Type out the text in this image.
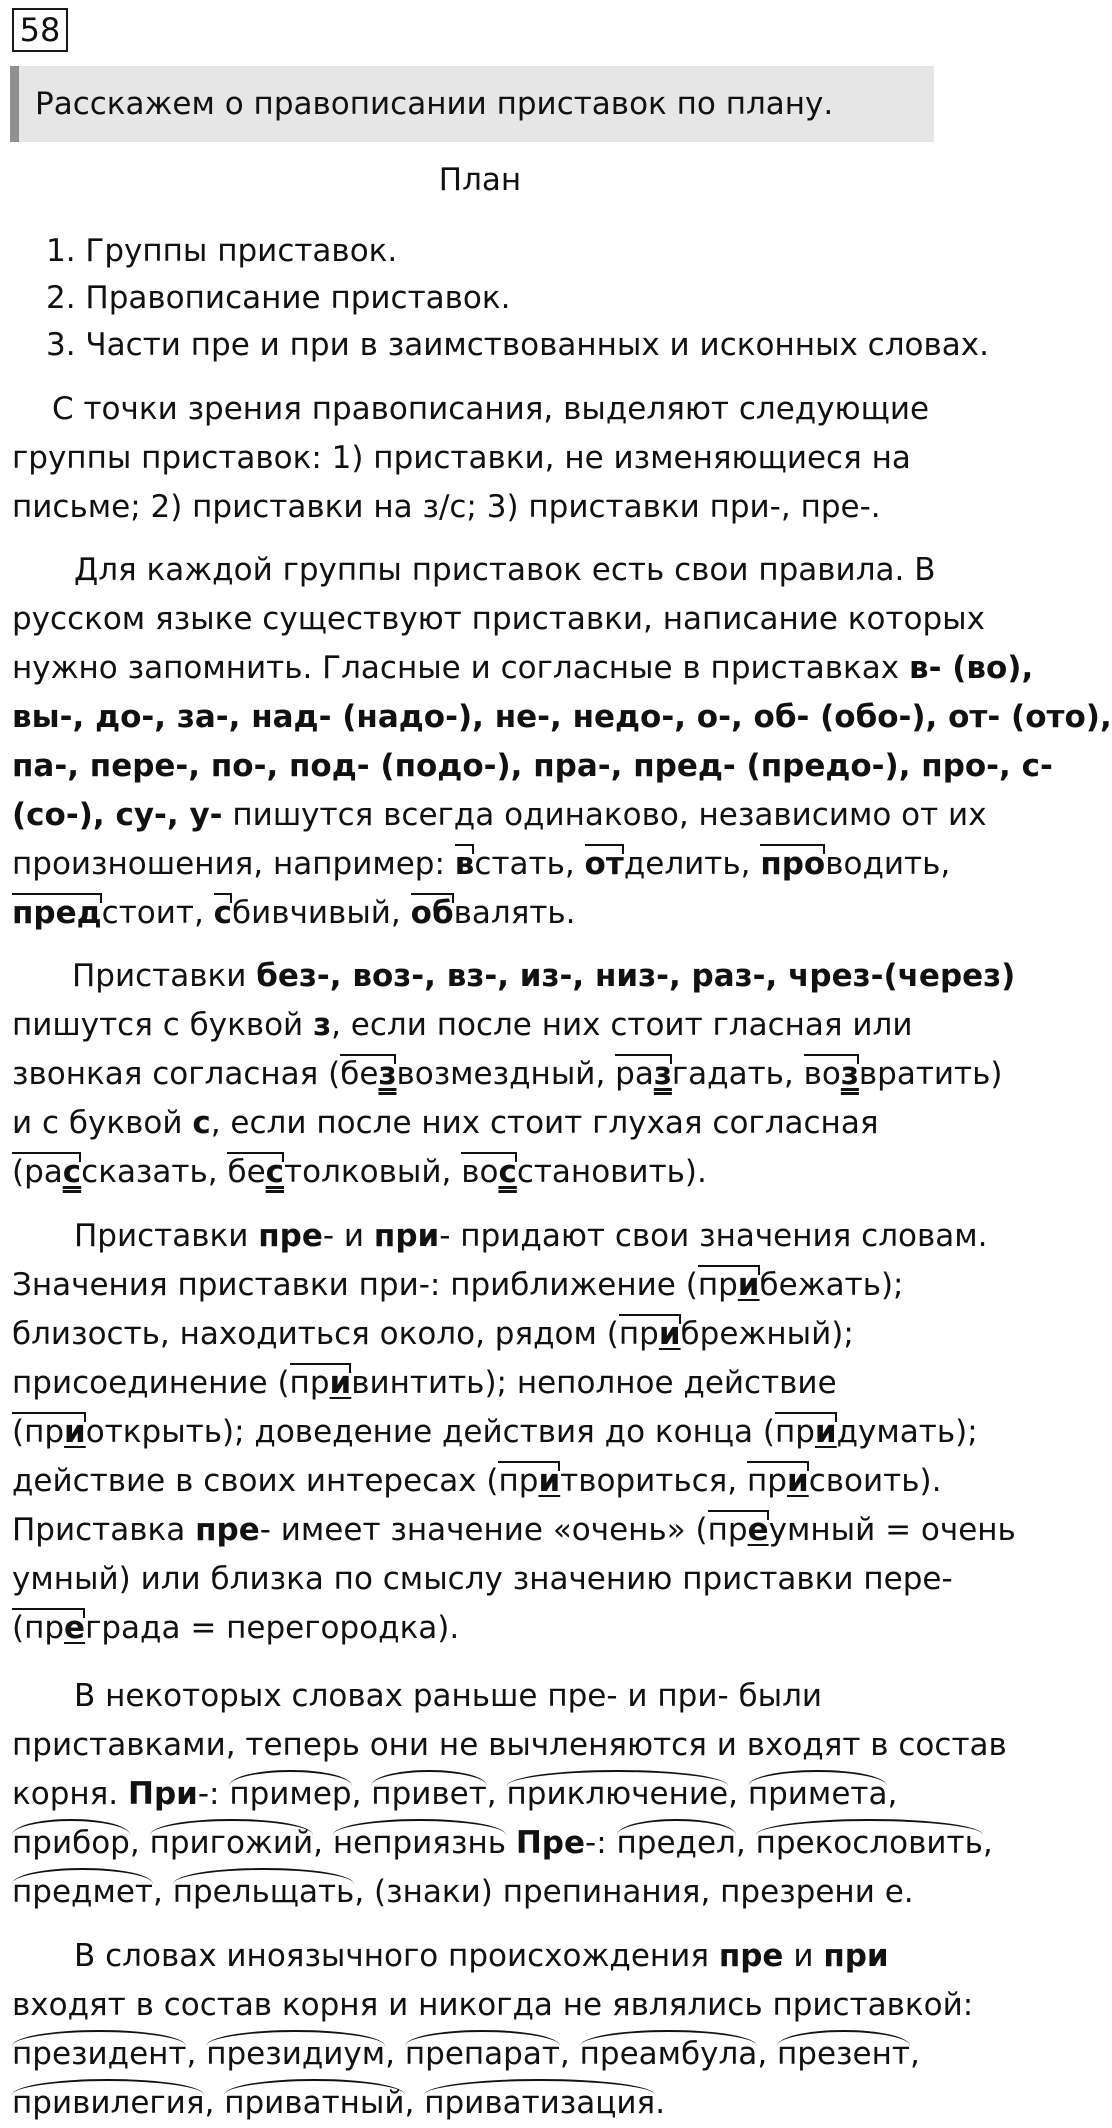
58
Расскажем о правописании приставок по плану.
План
1. Группы приставок.
2. Правописание приставок.
3. Части пре и при в заимствованных и исконных словах.
С точки зрения правописания, выделяют следующие
группы приставок: 1) приставки, не изменяющиеся на
письме; 2) приставки на з/с; 3) приставки при-, пре-.
Для каждой группы приставок есть свои правила. В
русском языке существуют приставки, написание которых
нужно запомнить. Гласные и согласные в приставках в- (во),
вы-, до-, за-, над- (надо-), не-, недо-, о-, об- (обо-), от- (ото),
па-, пере-, по-, под- (подо-), пра-, пред- (предо-), про-, с-
(со-), су-, у- пишутся всегда одинаково, независимо от их
произношения, например: встать, отделить, проводить,
предстоит, сбивчивый, обвалять.
Приставки без-, воз-, вз-, из-, низ-, раз-, чрез-(через)
пишутся с буквой з, если после них стоит гласная или
звонкая согласная (безвозмездный, разгадать, возвратить)
и с буквой с, если после них стоит глухая согласная
(рассказать, бестолковый, восстановить).
Приставки пре- и при- придают свои значения словам.
Значения приставки при-: приближение (прибежать);
близость, находиться около, рядом (прибрежный);
присоединение (привинтить); неполное действие
(приоткрыть); доведение действия до конца (придумать);
действие в своих интересах (притвориться, присвоить).
Приставка пре- имеет значение «очень» (преумный = очень
умный) или близка по смыслу значению приставки пере-
(преграда = перегородка).
В некоторых словах раньше пре- и при- были
приставками, теперь они не вычленяются и входят в состав
корня. При-: пример, привет, приключение, примета,
прибор, пригожий, неприязнь Пре-: предел, прекословить,
предмет, прельщать, (знаки) препинания, презрени е.
В словах иноязычного происхождения пре и при
входят в состав корня и никогда не являлись приставкой:
президент, президиум, препарат, преамбула, презент,
привилегия, приватный, приватизация.
